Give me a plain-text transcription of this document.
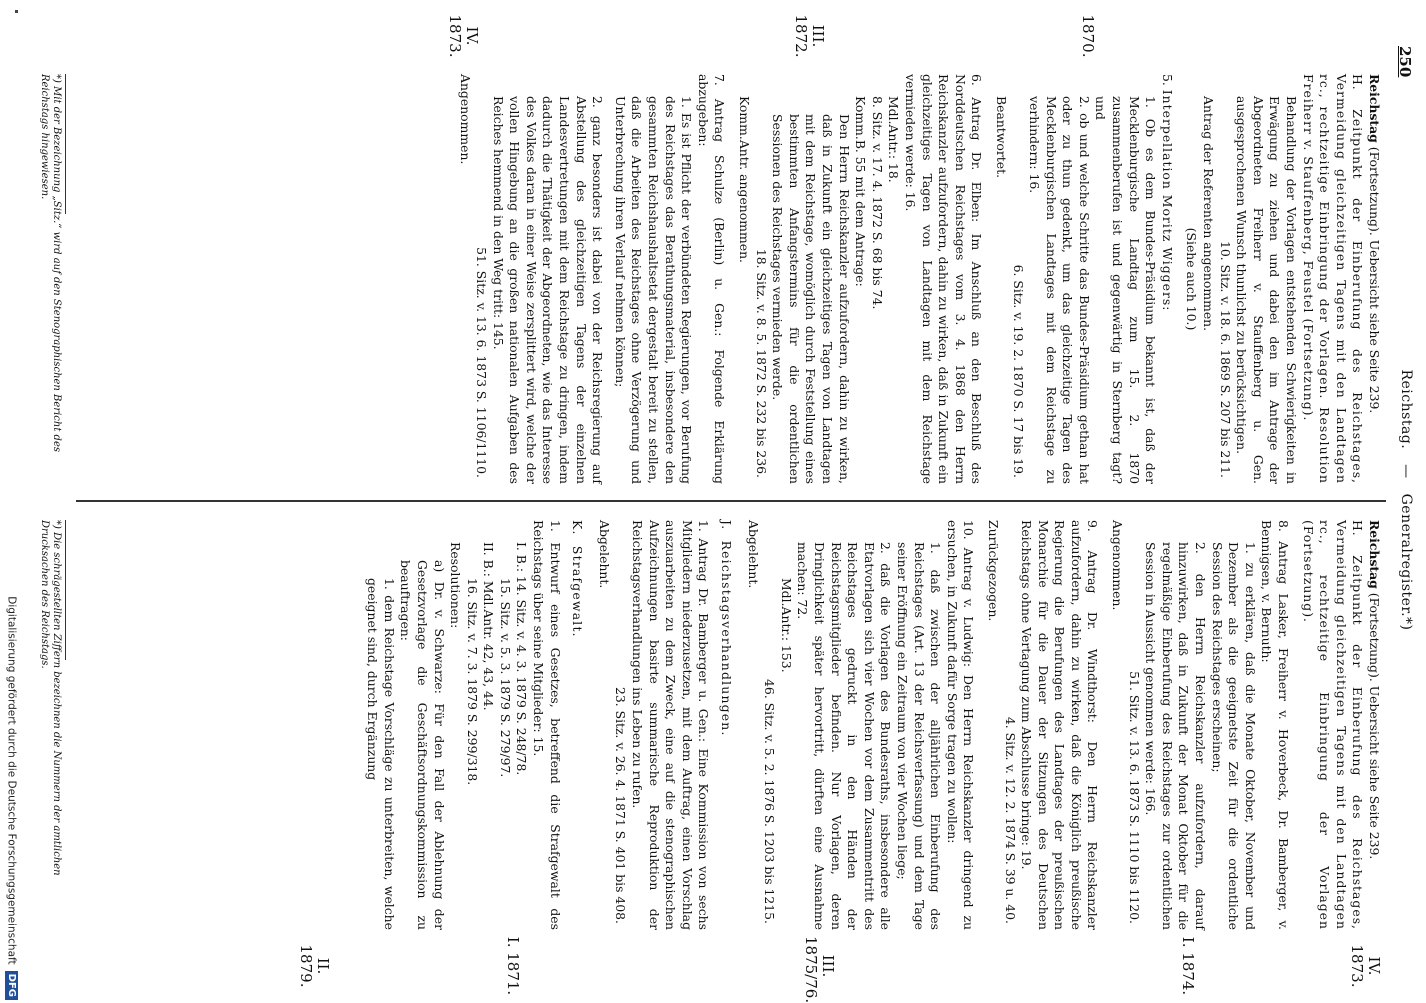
250
Reichstag. — Generalregister.*)

Reichstag (Fortsetzung). Uebersicht siehe Seite 239.

H. Zeitpunkt der Einberufung des Reichstages, Vermeidung gleichzeitigen Tagens mit den Landtagen rc., rechtzeitige Einbringung der Vorlagen. Resolution Freiherr v. Stauffenberg, Feustel (Fortsetzung).

Behandlung der Vorlagen entstehenden Schwierigkeiten in Erwägung zu ziehen und dabei den im Antrage der Abgeordneten Freiherr v. Stauffenberg u. Gen. ausgesprochenen Wunsch thunlichst zu berücksichtigen.

10. Sitz. v. 18. 6. 1869 S. 207 bis 211.

Antrag der Referenten angenommen.

(Siehe auch 10.)

5. Interpellation Moritz Wiggers:

1. Ob es dem Bundes-Präsidium bekannt ist, daß der Mecklenburgische Landtag zum 15. 2. 1870 zusammenberufen ist und gegenwärtig in Sternberg tagt? und

2. ob und welche Schritte das Bundes-Präsidium gethan hat oder zu thun gedenkt, um das gleichzeitige Tagen des Mecklenburgischen Landtages mit dem Reichstage zu verhindern: 16.

6. Sitz. v. 19. 2. 1870 S. 17 bis 19.

Beantwortet.

6. Antrag Dr. Elben: Im Anschluß an den Beschluß des Norddeutschen Reichstages vom 3. 4. 1868 den Herrn Reichskanzler aufzufordern, dahin zu wirken, daß in Zukunft ein gleichzeitiges Tagen von Landtagen mit dem Reichstage vermieden werde: 16.

Mdl.Antr.: 18.

8. Sitz. v. 17. 4. 1872 S. 68 bis 74.

Komm.B. 55 mit dem Antrage:

Den Herrn Reichskanzler aufzufordern, dahin zu wirken, daß in Zukunft ein gleichzeitiges Tagen von Landtagen mit dem Reichstage, womöglich durch Feststellung eines bestimmten Anfangstermins für die ordentlichen Sessionen des Reichstages vermieden werde.

18. Sitz. v. 8. 5. 1872 S. 232 bis 236.

Komm.Antr. angenommen.

7. Antrag Schulze (Berlin) u. Gen.: Folgende Erklärung abzugeben:

1. Es ist Pflicht der verbündeten Regierungen, vor Berufung des Reichstages das Berathungsmaterial, insbesondere den gesammten Reichshaushaltsetat dergestalt bereit zu stellen, daß die Arbeiten des Reichstages ohne Verzögerung und Unterbrechung ihren Verlauf nehmen können;

2. ganz besonders ist dabei von der Reichsregierung auf Abstellung des gleichzeitigen Tagens der einzelnen Landesvertretungen mit dem Reichstage zu dringen, indem dadurch die Thätigkeit der Abgeordneten, wie das Interesse des Volkes daran in einer Weise zersplittert wird, welche der vollen Hingebung an die großen nationalen Aufgaben des Reiches hemmend in den Weg tritt: 145.

51. Sitz. v. 13. 6. 1873 S. 1106/1110.

Angenommen.

1870.
III. 1872.
IV. 1873.

Reichstag (Fortsetzung). Uebersicht siehe Seite 239.

H. Zeitpunkt der Einberufung des Reichstages, Vermeidung gleichzeitigen Tagens mit den Landtagen rc., rechtzeitige Einbringung der Vorlagen (Fortsetzung).

8. Antrag Lasker, Freiherr v. Hoverbeck, Dr. Bamberger, v. Bennigsen, v. Bernuth:

1. zu erklären, daß die Monate Oktober, November und Dezember als die geeignetste Zeit für die ordentliche Session des Reichstages erscheinen;

2. den Herrn Reichskanzler aufzufordern, darauf hinzuwirken, daß in Zukunft der Monat Oktober für die regelmäßige Einberufung des Reichstages zur ordentlichen Session in Aussicht genommen werde: 166.

51. Sitz. v. 13. 6. 1873 S. 1110 bis 1120.

Angenommen.

9. Antrag Dr. Windthorst: Den Herrn Reichskanzler aufzufordern, dahin zu wirken, daß die Königlich preußische Regierung die Berufungen des Landtages der preußischen Monarchie für die Dauer der Sitzungen des Deutschen Reichstags ohne Vertagung zum Abschlusse bringe: 19.

4. Sitz. v. 12. 2. 1874 S. 39 u. 40.

Zurückgezogen.

10. Antrag v. Ludwig: Den Herrn Reichskanzler dringend zu ersuchen, in Zukunft dafür Sorge tragen zu wollen:

1. daß zwischen der alljährlichen Einberufung des Reichstages (Art. 13 der Reichsverfassung) und dem Tage seiner Eröffnung ein Zeitraum von vier Wochen liege;

2. daß die Vorlagen des Bundesraths, insbesondere alle Etatvorlagen sich vier Wochen vor dem Zusammentritt des Reichstages gedruckt in den Händen der Reichstagsmitglieder befinden. Nur Vorlagen, deren Dringlichkeit später hervortritt, dürften eine Ausnahme machen: 72.

Mdl.Antr.: 153.

46. Sitz. v. 5. 2. 1876 S. 1203 bis 1215.

Abgelehnt.

J.  Reichstagsverhandlungen.

1. Antrag Dr. Bamberger u. Gen.: Eine Kommission von sechs Mitgliedern niederzusetzen, mit dem Auftrag, einen Vorschlag auszuarbeiten zu dem Zweck, eine auf die stenographischen Aufzeichnungen basirte summarische Reproduktion der Reichstagsverhandlungen ins Leben zu rufen.

23. Sitz. v. 26. 4. 1871 S. 401 bis 408.

Abgelehnt.

K.  Strafgewalt.

1. Entwurf eines Gesetzes, betreffend die Strafgewalt des Reichstags über seine Mitglieder: 15.

I. B.: 14. Sitz. v. 4. 3. 1879 S. 248/78.

15. Sitz. v. 5. 3. 1879 S. 279/97.

II. B.: Mdl.Antr. 42, 43, 44.

16. Sitz. v. 7. 3. 1879 S. 299/318.

Resolutionen:

a) Dr. v. Schwarze: Für den Fall der Ablehnung der Gesetzvorlage die Geschäftsordnungskommission zu beauftragen:

1. dem Reichstage Vorschläge zu unterbreiten, welche geeignet sind, durch Ergänzung

IV. 1873.
I. 1874.
III. 1875/76.
I. 1871.
II. 1879.
*) Mit der Bezeichnung „Sitz.“ wird auf den Stenographischen Bericht des Reichstags hingewiesen.
*) Die schrägestellten Ziffern bezeichnen die Nummern der amtlichen Drucksachen des Reichstags.
Digitalisierung gefördert durch die Deutsche ForschungsgemeinschaftDFG
